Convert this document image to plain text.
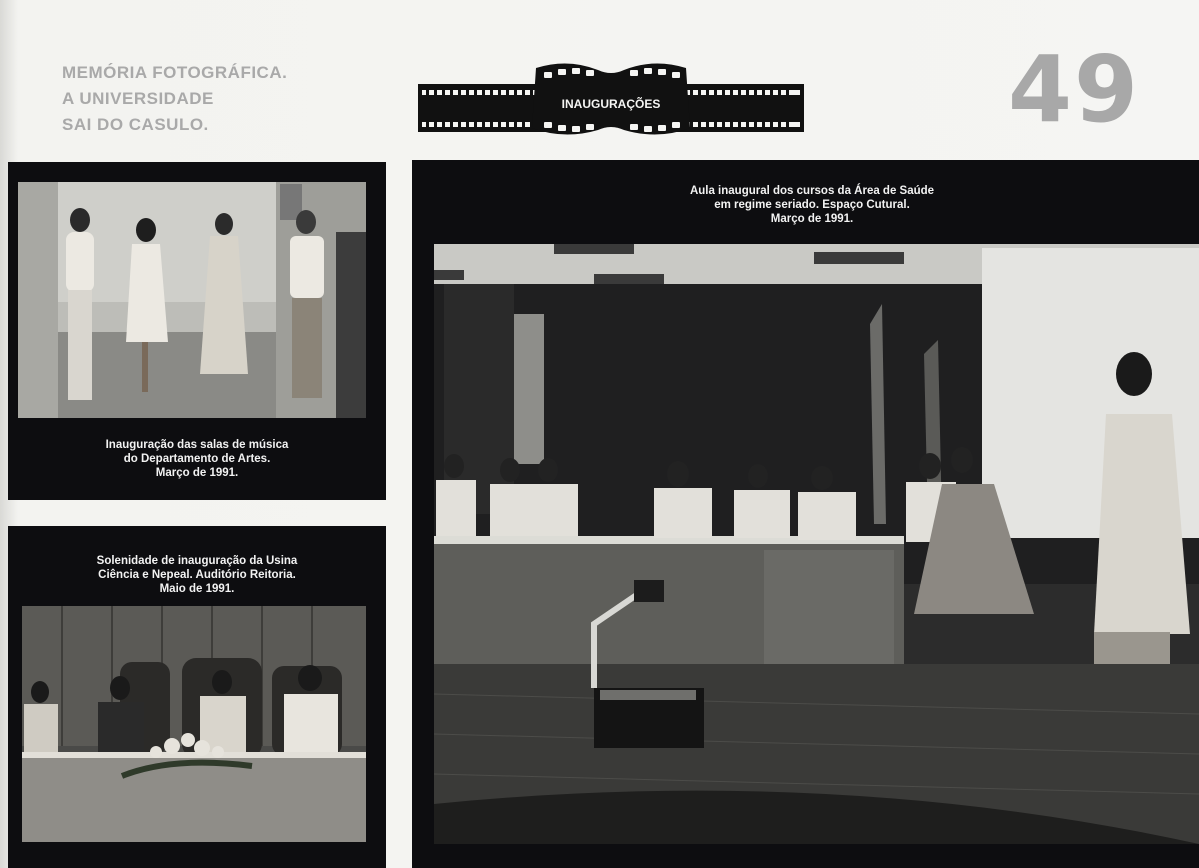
MEMÓRIA FOTOGRÁFICA.
A UNIVERSIDADE
SAI DO CASULO.
INAUGURAÇÕES	49
Inauguração das salas de música
do Departamento de Artes.
Março de 1991.
Solenidade de inauguração da Usina
Ciência e Nepeal. Auditório Reitoria.
Maio de 1991.
Aula inaugural dos cursos da Área de Saúde
em regime seriado. Espaço Cutural.
Março de 1991.
